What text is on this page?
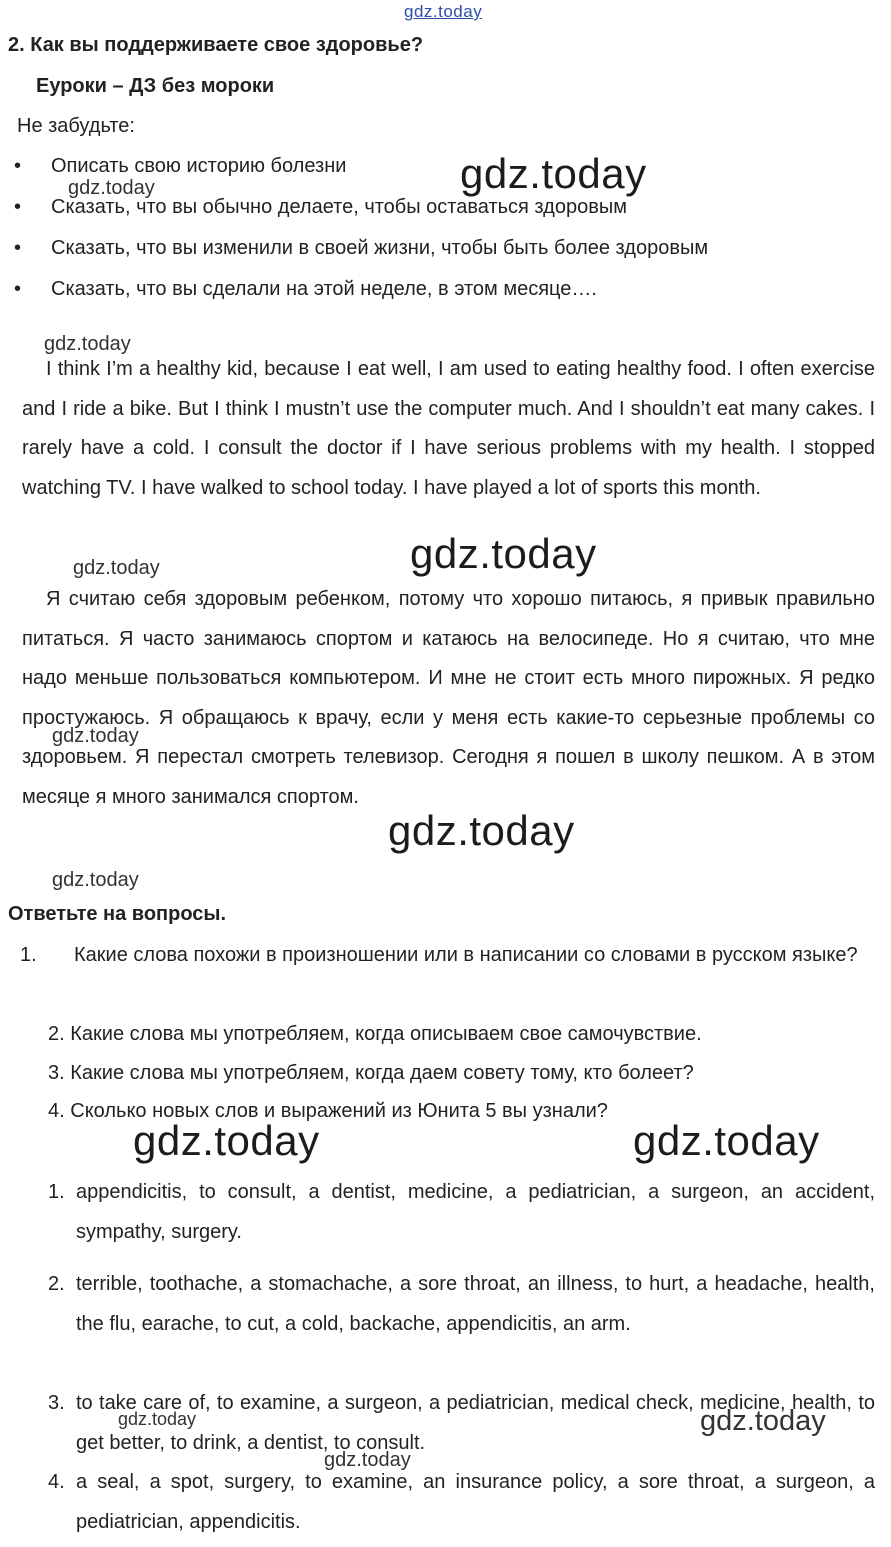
gdz.today
2. Как вы поддерживаете свое здоровье?
Еуроки – ДЗ без мороки
Не забудьте:
• Описать свою историю болезни
• Сказать, что вы обычно делаете, чтобы оставаться здоровым
• Сказать, что вы изменили в своей жизни, чтобы быть более здоровым
• Сказать, что вы сделали на этой неделе, в этом месяце….
I think I’m a healthy kid, because I eat well, I am used to eating healthy food. I often exercise and I ride a bike. But I think I mustn’t use the computer much. And I shouldn’t eat many cakes. I rarely have a cold. I consult the doctor if I have serious problems with my health. I stopped watching TV. I have walked to school today. I have played a lot of sports this month.
Я считаю себя здоровым ребенком, потому что хорошо питаюсь, я привык правильно питаться. Я часто занимаюсь спортом и катаюсь на велосипеде. Но я считаю, что мне надо меньше пользоваться компьютером. И мне не стоит есть много пирожных. Я редко простужаюсь. Я обращаюсь к врачу, если у меня есть какие-то серьезные проблемы со здоровьем. Я перестал смотреть телевизор. Сегодня я пошел в школу пешком. А в этом месяце я много занимался спортом.
Ответьте на вопросы.
1. Какие слова похожи в произношении или в написании со словами в русском языке?
2. Какие слова мы употребляем, когда описываем свое самочувствие.
3. Какие слова мы употребляем, когда даем совету тому, кто болеет?
4. Сколько новых слов и выражений из Юнита 5 вы узнали?
1. appendicitis, to consult, a dentist, medicine, a pediatrician, a surgeon, an accident, sympathy, surgery.
2. terrible, toothache, a stomachache, a sore throat, an illness, to hurt, a headache, health, the flu, earache, to cut, a cold, backache, appendicitis, an arm.
3. to take care of, to examine, a surgeon, a pediatrician, medical check, medicine, health, to get better, to drink, a dentist, to consult.
4. a seal, a spot, surgery, to examine, an insurance policy, a sore throat, a surgeon, a pediatrician, appendicitis.
gdz.today
gdz.today
gdz.today
gdz.today
gdz.today
gdz.today
gdz.today
gdz.today
gdz.today
gdz.today
gdz.today
gdz.today	gdz.today
